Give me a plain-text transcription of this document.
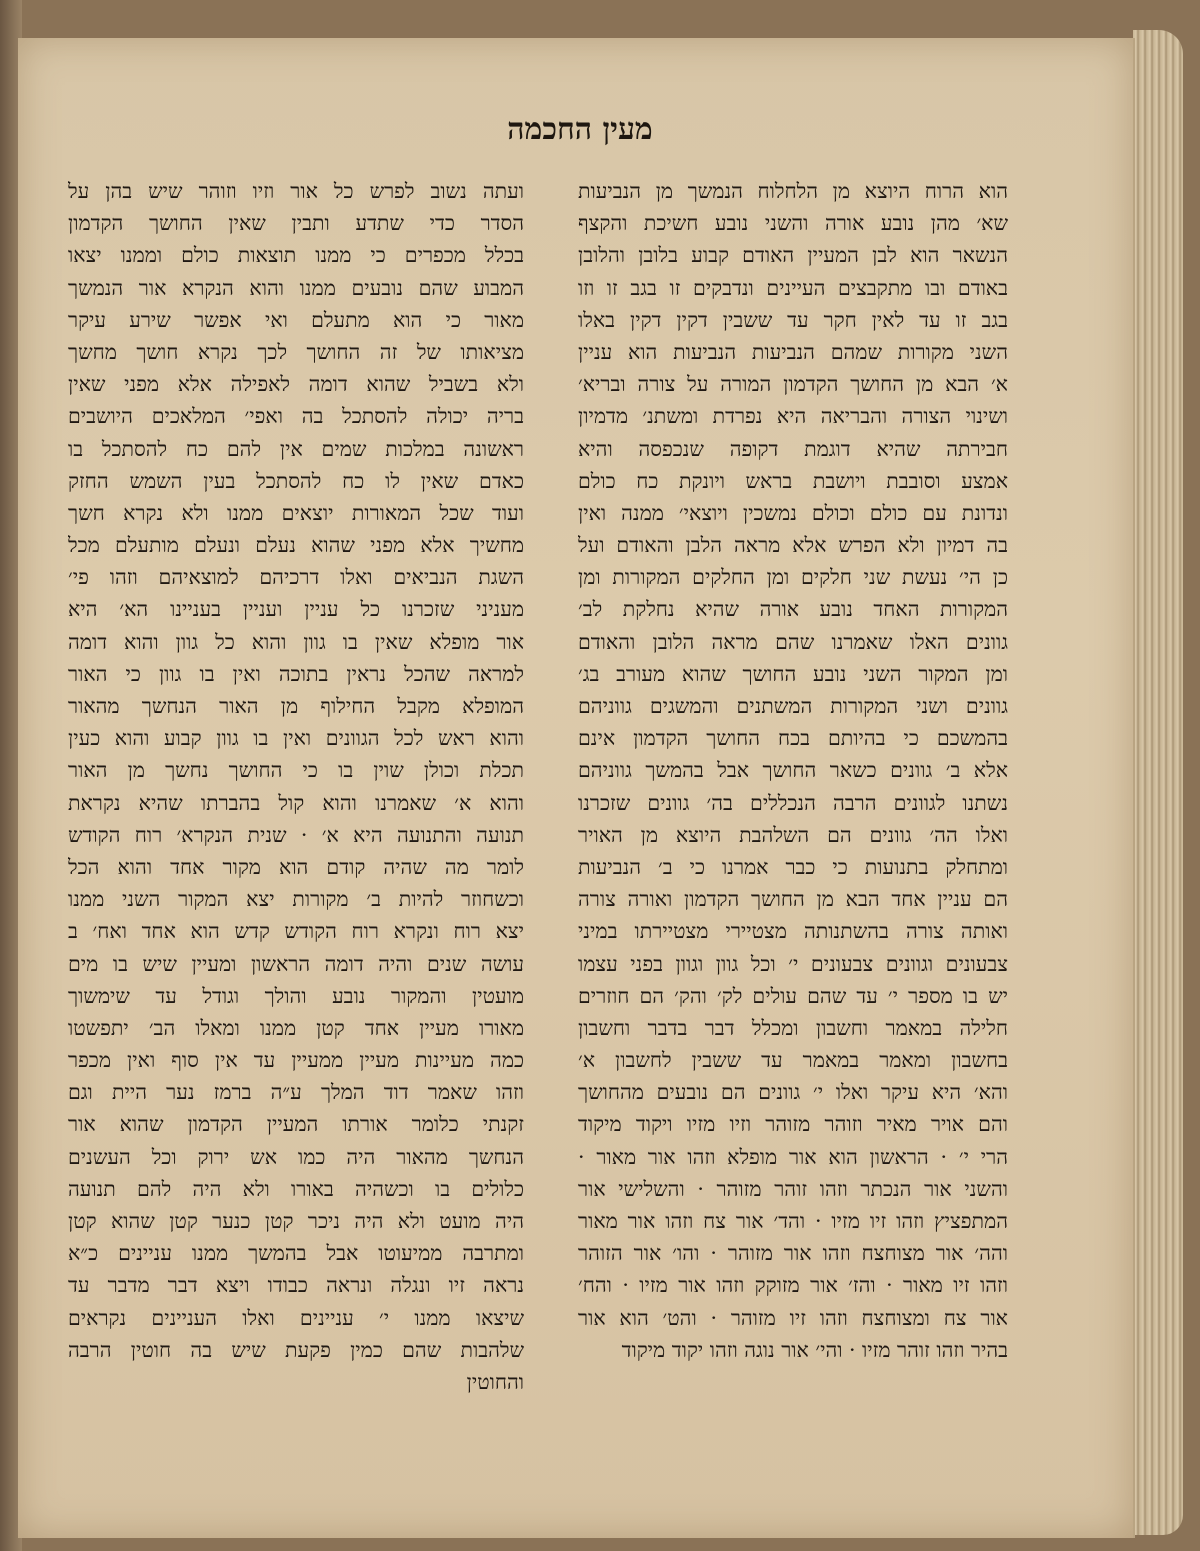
מעין החכמה
הוא הרוח היוצא מן הלחלוח הנמשך מן הנביעות
שא׳ מהן נובע אורה והשני נובע חשיכת והקצף
הנשאר הוא לבן המעיין האודם קבוע בלובן והלובן
באודם ובו מתקבצים העיינים ונדבקים זו בגב זו וזו
בגב זו עד לאין חקר עד ששבין דקין דקין באלו
השני מקורות שמהם הנביעות הנביעות הוא עניין
א׳ הבא מן החושך הקדמון המורה על צורה ובריא׳
ושינוי הצורה והבריאה היא נפרדת ומשתנ׳ מדמיון
חבירתה שהיא דוגמת דקופה שנכפסה והיא
אמצע וסובבת ויושבת בראש ויונקת כח כולם
ונדונת עם כולם וכולם נמשכין ויוצאי׳ ממנה ואין
בה דמיון ולא הפרש אלא מראה הלבן והאודם ועל
כן הי׳ נעשת שני חלקים ומן החלקים המקורות ומן
המקורות האחד נובע אורה שהיא נחלקת לב׳
גוונים האלו שאמרנו שהם מראה הלובן והאודם
ומן המקור השני נובע החושך שהוא מעורב בג׳
גוונים ושני המקורות המשתנים והמשגים גווניהם
בהמשכם כי בהיותם בכח החושך הקדמון אינם
אלא ב׳ גוונים כשאר החושך אבל בהמשך גווניהם
נשתנו לגוונים הרבה הנכללים בה׳ גוונים שזכרנו
ואלו הה׳ גוונים הם השלהבת היוצא מן האויר
ומתחלק בתנועות כי כבר אמרנו כי ב׳ הנביעות
הם עניין אחד הבא מן החושך הקדמון ואורה צורה
ואותה צורה בהשתנותה מצטיירי מצטיירתו במיני
צבעונים וגוונים צבעונים י׳ וכל גוון וגוון בפני עצמו
יש בו מספר י׳ עד שהם עולים לק׳ והק׳ הם חוזרים
חלילה במאמר וחשבון ומכלל דבר בדבר וחשבון
בחשבון ומאמר במאמר עד ששבין לחשבון א׳
והא׳ היא עיקר ואלו י׳ גוונים הם נובעים מהחושך
והם אויר מאיר וזוהר מזוהר וזיו מזיו ויקוד מיקוד
הרי י׳ · הראשון הוא אור מופלא וזהו אור מאור ·
והשני אור הנכתר וזהו זוהר מזוהר · והשלישי אור
המתפציץ וזהו זיו מזיו · והד׳ אור צח וזהו אור מאור
והה׳ אור מצוחצח וזהו אור מזוהר · והו׳ אור הזוהר
וזהו זיו מאור · והז׳ אור מזוקק וזהו אור מזיו · והח׳
אור צח ומצוחצח וזהו זיו מזוהר · והט׳ הוא אור
בהיר וזהו זוהר מזיו · והי׳ אור נוגה וזהו יקוד מיקוד
ועתה נשוב לפרש כל אור וזיו וזוהר שיש בהן על
הסדר כדי שתדע ותבין שאין החושך הקדמון
בכלל מכפרים כי ממנו תוצאות כולם וממנו יצאו
המבוע שהם נובעים ממנו והוא הנקרא אור הנמשך
מאור כי הוא מתעלם ואי אפשר שירע עיקר
מציאותו של זה החושך לכך נקרא חושך מחשך
ולא בשביל שהוא דומה לאפילה אלא מפני שאין
בריה יכולה להסתכל בה ואפי׳ המלאכים היושבים
ראשונה במלכות שמים אין להם כח להסתכל בו
כאדם שאין לו כח להסתכל בעין השמש החזק
ועוד שכל המאורות יוצאים ממנו ולא נקרא חשך
מחשיך אלא מפני שהוא נעלם ונעלם מותעלם מכל
השגת הנביאים ואלו דרכיהם למוצאיהם וזהו פי׳
מעניני שזכרנו כל עניין ועניין בעניינו הא׳ היא
אור מופלא שאין בו גוון והוא כל גוון והוא דומה
למראה שהכל נראין בתוכה ואין בו גוון כי האור
המופלא מקבל החילוף מן האור הנחשך מהאור
והוא ראש לכל הגוונים ואין בו גוון קבוע והוא כעין
תכלת וכולן שוין בו כי החושך נחשך מן האור
והוא א׳ שאמרנו והוא קול בהברתו שהיא נקראת
תנועה והתנועה היא א׳ · שנית הנקרא׳ רוח הקודש
לומר מה שהיה קודם הוא מקור אחד והוא הכל
וכשחוזר להיות ב׳ מקורות יצא המקור השני ממנו
יצא רוח ונקרא רוח הקודש קדש הוא אחד ואח׳ ב
עושה שנים והיה דומה הראשון ומעיין שיש בו מים
מועטין והמקור נובע והולך וגודל עד שימשוך
מאורו מעיין אחד קטן ממנו ומאלו הב׳ יתפשטו
כמה מעיינות מעיין ממעיין עד אין סוף ואין מכפר
וזהו שאמר דוד המלך ע״ה ברמז נער היית וגם
זקנתי כלומר אורתו המעיין הקדמון שהוא אור
הנחשך מהאור היה כמו אש ירוק וכל העשנים
כלולים בו וכשהיה באורו ולא היה להם תנועה
היה מועט ולא היה ניכר קטן כנער קטן שהוא קטן
ומתרבה ממיעוטו אבל בהמשך ממנו עניינים כ״א
נראה זיו ונגלה ונראה כבודו ויצא דבר מדבר עד
שיצאו ממנו י׳ עניינים ואלו העניינים נקראים
שלהבות שהם כמין פקעת שיש בה חוטין הרבה
והחוטין
